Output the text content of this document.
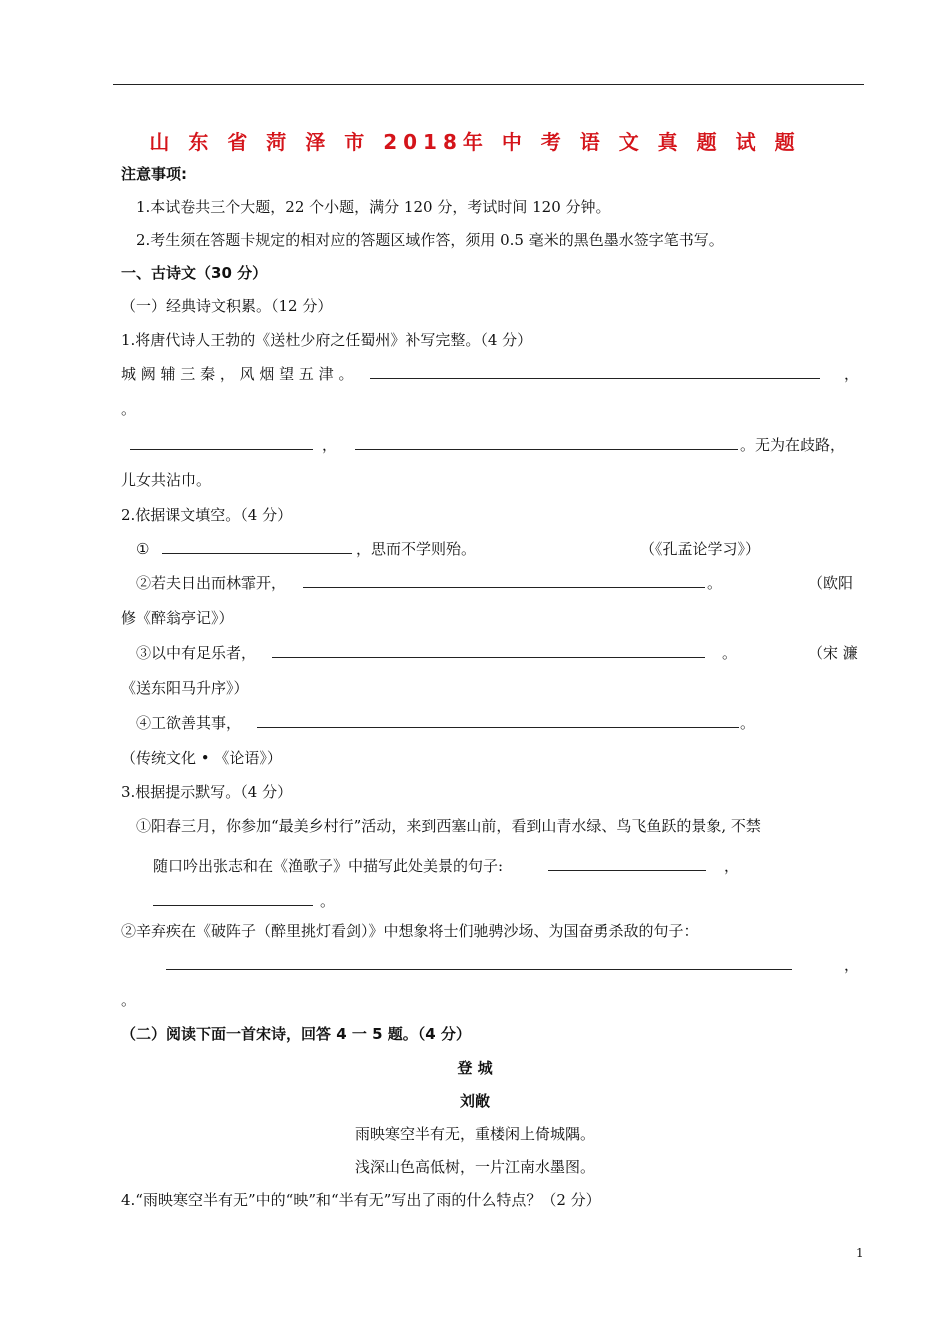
山 东 省 菏 泽 市 2018年 中 考 语 文 真 题 试 题
注意事项:
1.本试卷共三个大题，22 个小题，满分 120 分，考试时间 120 分钟。
2.考生须在答题卡规定的相对应的答题区域作答，须用 0.5 毫米的黑色墨水签字笔书写。
一、古诗文（30 分）
（一）经典诗文积累。（12 分）
1.将唐代诗人王勃的《送杜少府之任蜀州》补写完整。（4 分）
城 阙 辅 三 秦 ， 风 烟 望 五 津 。	，
。
，	。无为在歧路，
儿女共沾巾。
2.依据课文填空。（4 分）
①	，思而不学则殆。	（《孔孟论学习》）
②若夫日出而林霏开，	。	（欧阳
修《醉翁亭记》）
③以中有足乐者，	。	（宋 濂
《送东阳马升序》）
④工欲善其事，	。
（传统文化 • 《论语》）
3.根据提示默写。（4 分）
①阳春三月，你参加“最美乡村行”活动，来到西塞山前，看到山青水绿、鸟飞鱼跃的景象, 不禁
随口吟出张志和在《渔歌子》中描写此处美景的句子:	，
。
②辛弃疾在《破阵子（醉里挑灯看剑）》中想象将士们驰骋沙场、为国奋勇杀敌的句子：
，
。
（二）阅读下面一首宋诗，回答 4 一 5 题。（4 分）
登 城
刘敞
雨映寒空半有无，重楼闲上倚城隅。
浅深山色高低树，一片江南水墨图。
4.“雨映寒空半有无”中的“映”和“半有无”写出了雨的什么特点？（2 分）
1
